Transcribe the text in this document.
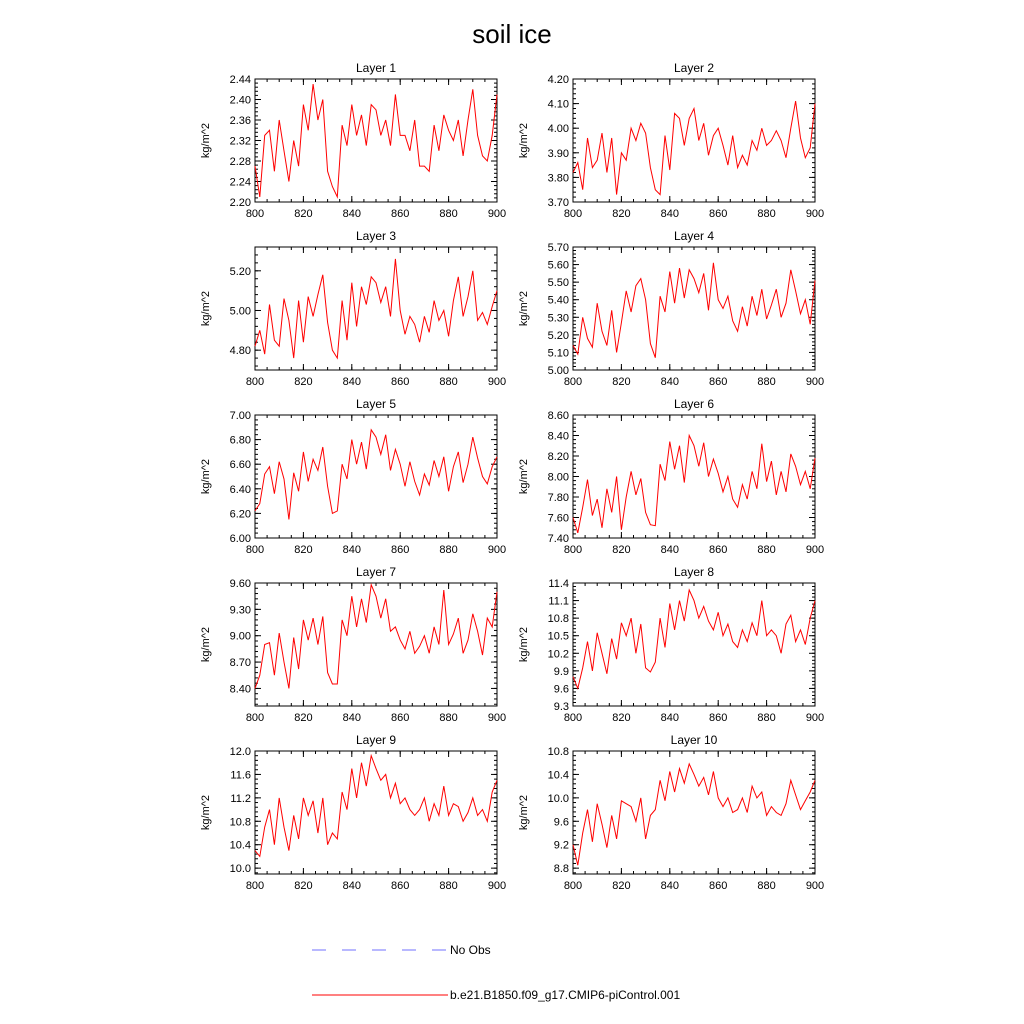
soil ice
Layer 1
kg/m^2
800	820	840	860	880	900
2.20
2.24
2.28
2.32
2.36
2.40
2.44
Layer 2
kg/m^2
800	820	840	860	880	900
3.70
3.80
3.90
4.00
4.10
4.20
Layer 3
kg/m^2
800	820	840	860	880	900
4.80
5.00
5.20
Layer 4
kg/m^2
800	820	840	860	880	900
5.00
5.10
5.20
5.30
5.40
5.50
5.60
5.70
Layer 5
kg/m^2
800	820	840	860	880	900
6.00
6.20
6.40
6.60
6.80
7.00
Layer 6
kg/m^2
800	820	840	860	880	900
7.40
7.60
7.80
8.00
8.20
8.40
8.60
Layer 7
kg/m^2
800	820	840	860	880	900
8.40
8.70
9.00
9.30
9.60
Layer 8
kg/m^2
800	820	840	860	880	900
9.3
9.6
9.9
10.2
10.5
10.8
11.1
11.4
Layer 9
kg/m^2
800	820	840	860	880	900
10.0
10.4
10.8
11.2
11.6
12.0
Layer 10
kg/m^2
800	820	840	860	880	900
8.8
9.2
9.6
10.0
10.4
10.8
No Obs
b.e21.B1850.f09_g17.CMIP6-piControl.001
